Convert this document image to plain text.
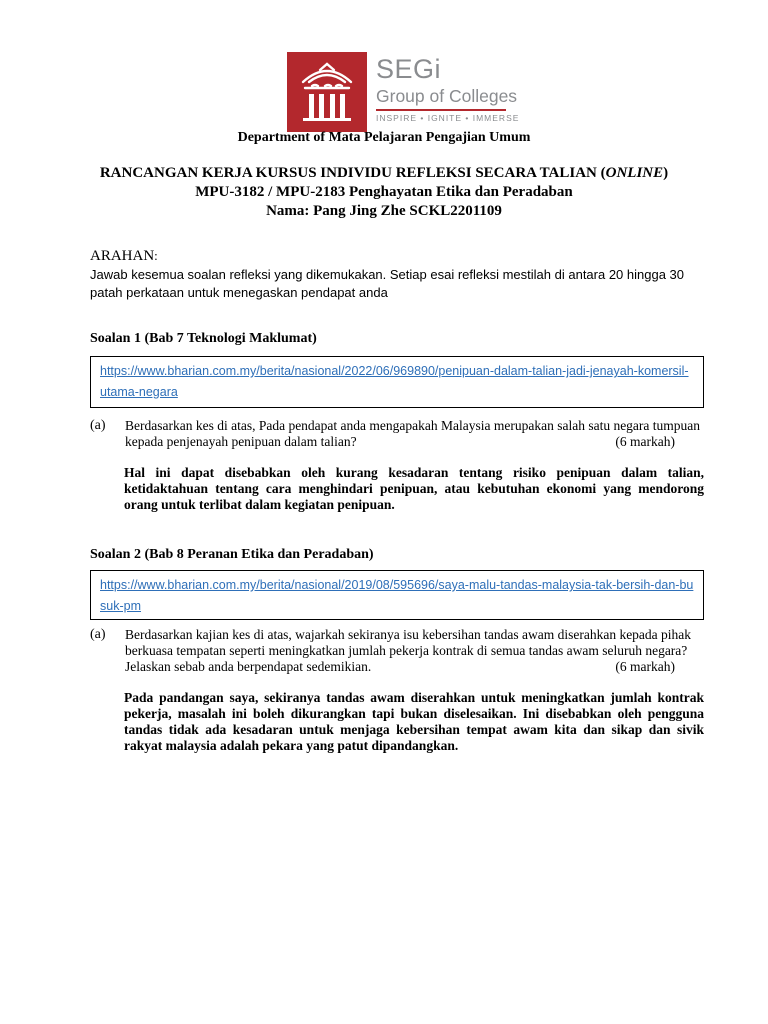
SEGi
Group of Colleges
INSPIRE • IGNITE • IMMERSE
Department of Mata Pelajaran Pengajian Umum
RANCANGAN KERJA KURSUS INDIVIDU REFLEKSI SECARA TALIAN (ONLINE)
MPU-3182 / MPU-2183 Penghayatan Etika dan Peradaban
Nama: Pang Jing Zhe SCKL2201109
ARAHAN:
Jawab kesemua soalan refleksi yang dikemukakan. Setiap esai refleksi mestilah di antara 20 hingga 30 patah perkataan untuk menegaskan pendapat anda
Soalan 1 (Bab 7 Teknologi Maklumat)
https://www.bharian.com.my/berita/nasional/2022/06/969890/penipuan-dalam-talian-jadi-jenayah-komersil-utama-negara
(a) Berdasarkan kes di atas, Pada pendapat anda mengapakah Malaysia merupakan salah satu negara tumpuan kepada penjenayah penipuan dalam talian?	(6 markah)
Hal ini dapat disebabkan oleh kurang kesadaran tentang risiko penipuan dalam talian, ketidaktahuan tentang cara menghindari penipuan, atau kebutuhan ekonomi yang mendorong orang untuk terlibat dalam kegiatan penipuan.
Soalan 2 (Bab 8 Peranan Etika dan Peradaban)
https://www.bharian.com.my/berita/nasional/2019/08/595696/saya-malu-tandas-malaysia-tak-bersih-dan-busuk-pm
(a) Berdasarkan kajian kes di atas, wajarkah sekiranya isu kebersihan tandas awam diserahkan kepada pihak berkuasa tempatan seperti meningkatkan jumlah pekerja kontrak di semua tandas awam seluruh negara? Jelaskan sebab anda berpendapat sedemikian.	(6 markah)
Pada pandangan saya, sekiranya tandas awam diserahkan untuk meningkatkan jumlah kontrak pekerja, masalah ini boleh dikurangkan tapi bukan diselesaikan. Ini disebabkan oleh pengguna tandas tidak ada kesadaran untuk menjaga kebersihan tempat awam kita dan sikap dan sivik rakyat malaysia adalah pekara yang patut dipandangkan.
